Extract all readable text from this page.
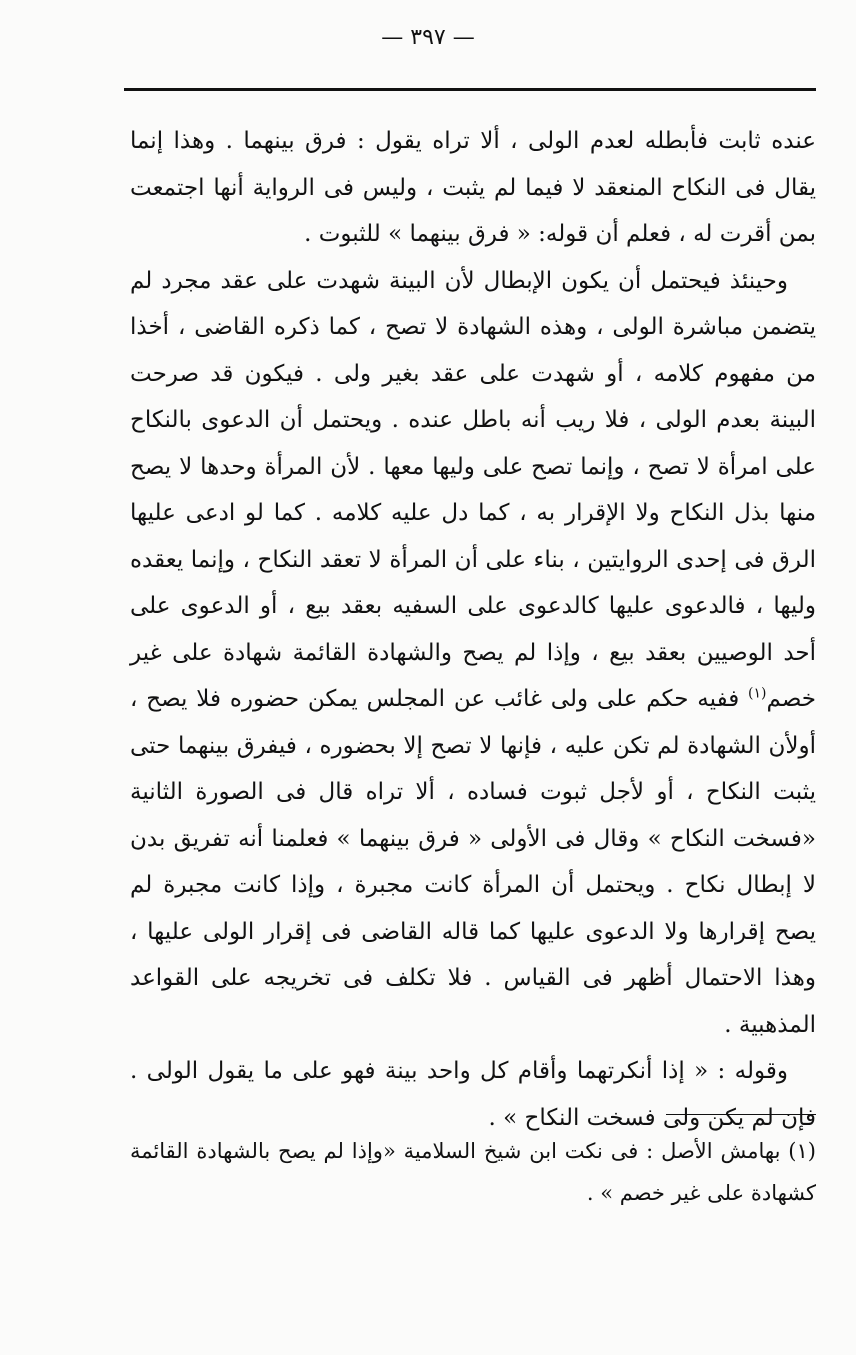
— ٣٩٧ —

عنده ثابت فأبطله لعدم الولى ، ألا تراه يقول : فرق بينهما . وهذا إنما يقال فى النكاح المنعقد لا فيما لم يثبت ، وليس فى الرواية أنها اجتمعت بمن أقرت له ، فعلم أن قوله: « فرق بينهما » للثبوت .

وحينئذ فيحتمل أن يكون الإبطال لأن البينة شهدت على عقد مجرد لم يتضمن مباشرة الولى ، وهذه الشهادة لا تصح ، كما ذكره القاضى ، أخذا من مفهوم كلامه ، أو شهدت على عقد بغير ولى . فيكون قد صرحت البينة بعدم الولى ، فلا ريب أنه باطل عنده . ويحتمل أن الدعوى بالنكاح على امرأة لا تصح ، وإنما تصح على وليها معها . لأن المرأة وحدها لا يصح منها بذل النكاح ولا الإقرار به ، كما دل عليه كلامه . كما لو ادعى عليها الرق فى إحدى الروايتين ، بناء على أن المرأة لا تعقد النكاح ، وإنما يعقده وليها ، فالدعوى عليها كالدعوى على السفيه بعقد بيع ، أو الدعوى على أحد الوصيين بعقد بيع ، وإذا لم يصح والشهادة القائمة شهادة على غير خصم$^{(١)}$ ففيه حكم على ولى غائب عن المجلس يمكن حضوره فلا يصح ، أولأن الشهادة لم تكن عليه ، فإنها لا تصح إلا بحضوره ، فيفرق بينهما حتى يثبت النكاح ، أو لأجل ثبوت فساده ، ألا تراه قال فى الصورة الثانية «فسخت النكاح » وقال فى الأولى « فرق بينهما » فعلمنا أنه تفريق بدن لا إبطال نكاح . ويحتمل أن المرأة كانت مجبرة ، وإذا كانت مجبرة لم يصح إقرارها ولا الدعوى عليها كما قاله القاضى فى إقرار الولى عليها ، وهذا الاحتمال أظهر فى القياس . فلا تكلف فى تخريجه على القواعد المذهبية .

وقوله : « إذا أنكرتهما وأقام كل واحد بينة فهو على ما يقول الولى . فإن لم يكن ولى فسخت النكاح » .

(١) بهامش الأصل : فى نكت ابن شيخ السلامية «وإذا لم يصح بالشهادة القائمة كشهادة على غير خصم » .
